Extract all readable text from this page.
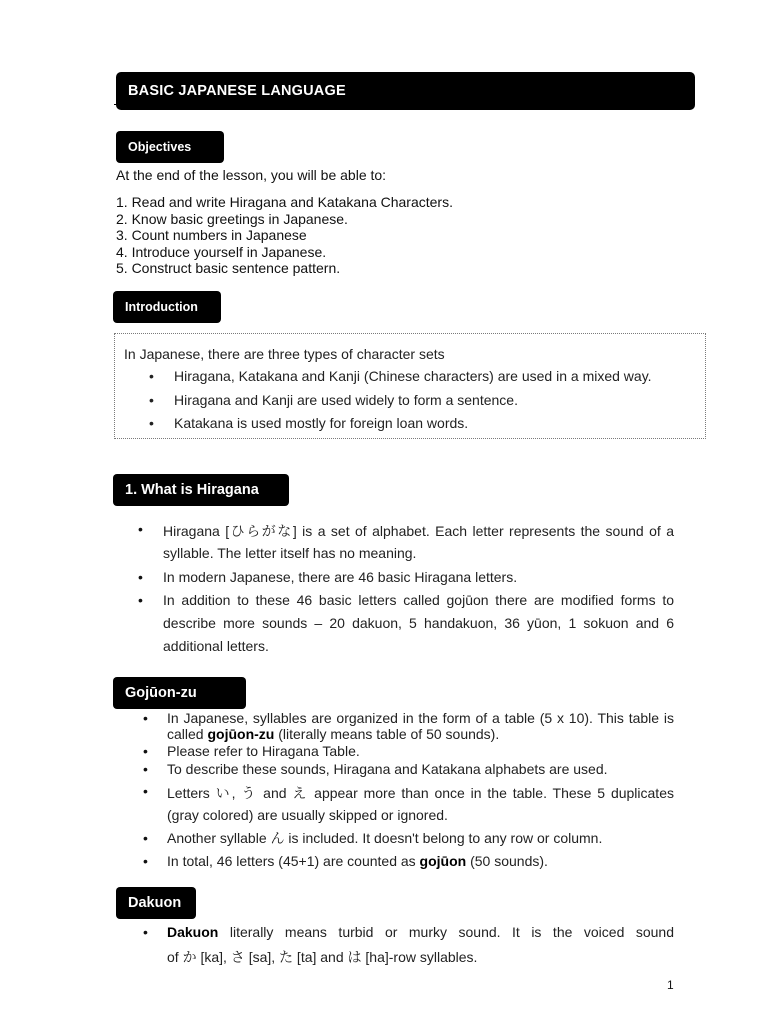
BASIC JAPANESE LANGUAGE
Objectives
At the end of the lesson, you will be able to:
1. Read and write Hiragana and Katakana Characters.
2. Know basic greetings in Japanese.
3. Count numbers in Japanese
4. Introduce yourself in Japanese.
5. Construct basic sentence pattern.
Introduction
In Japanese, there are three types of character sets
• Hiragana, Katakana and Kanji (Chinese characters) are used in a mixed way.
• Hiragana and Kanji are used widely to form a sentence.
• Katakana is used mostly for foreign loan words.
1. What is Hiragana
• Hiragana [ひらがな] is a set of alphabet. Each letter represents the sound of a
syllable. The letter itself has no meaning.
• In modern Japanese, there are 46 basic Hiragana letters.
• In addition to these 46 basic letters called gojūon there are modified forms to
describe more sounds – 20 dakuon, 5 handakuon, 36 yūon, 1 sokuon and 6
additional letters.
Gojūon-zu
• In Japanese, syllables are organized in the form of a table (5 x 10). This table is
called gojūon-zu (literally means table of 50 sounds).
• Please refer to Hiragana Table.
• To describe these sounds, Hiragana and Katakana alphabets are used.
• Letters い, う and え appear more than once in the table. These 5 duplicates
(gray colored) are usually skipped or ignored.
• Another syllable ん is included. It doesn't belong to any row or column.
• In total, 46 letters (45+1) are counted as gojūon (50 sounds).
Dakuon
• Dakuon literally means turbid or murky sound. It is the voiced sound
of か [ka], さ [sa], た [ta] and は [ha]-row syllables.
1
